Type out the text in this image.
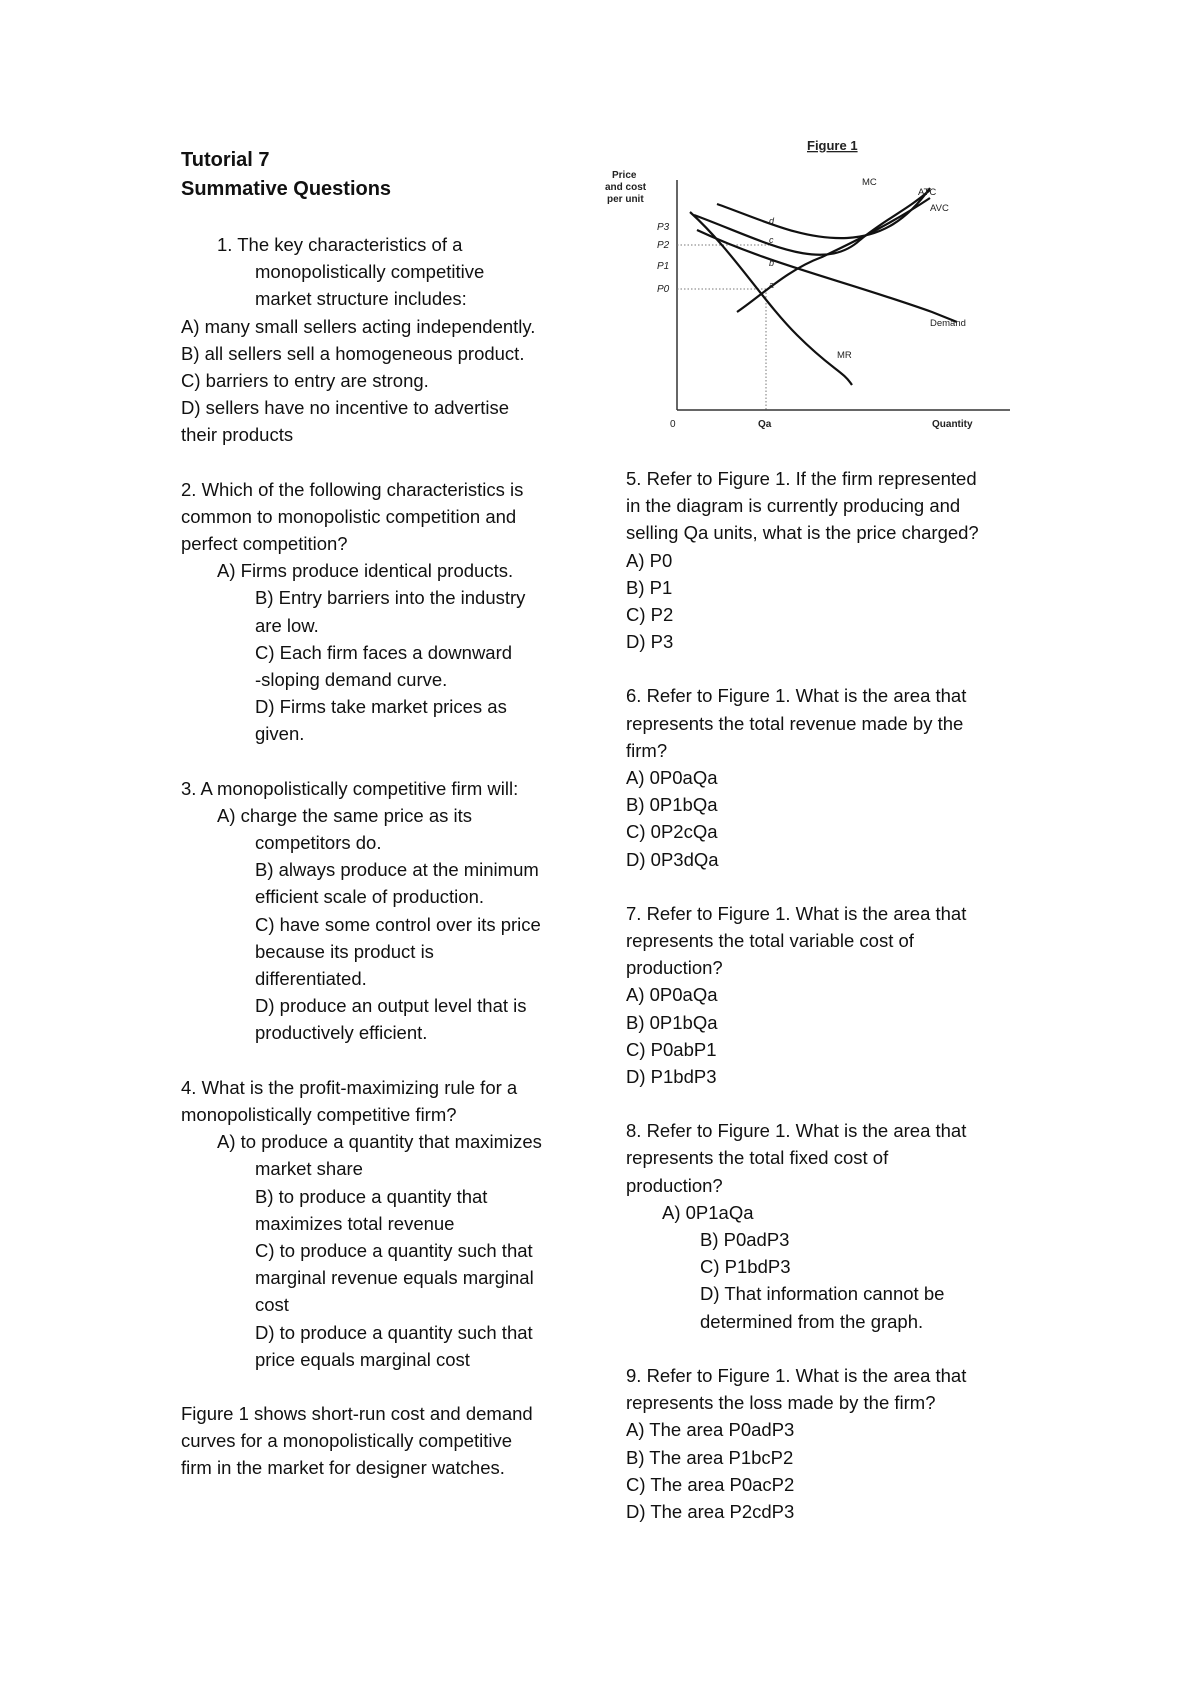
Tutorial 7
Summative Questions
1. The key characteristics of a
monopolistically competitive
market structure includes:
A) many small sellers acting independently.
B) all sellers sell a homogeneous product.
C) barriers to entry are strong.
D) sellers have no incentive to advertise
their products
2. Which of the following characteristics is
common to monopolistic competition and
perfect competition?
A) Firms produce identical products.
B) Entry barriers into the industry
are low.
C) Each firm faces a downward
-sloping demand curve.
D) Firms take market prices as
given.
3. A monopolistically competitive firm will:
A) charge the same price as its
competitors do.
B) always produce at the minimum
efficient scale of production.
C) have some control over its price
because its product is
differentiated.
D) produce an output level that is
productively efficient.
4. What is the profit-maximizing rule for a
monopolistically competitive firm?
A) to produce a quantity that maximizes
market share
B) to produce a quantity that
maximizes total revenue
C) to produce a quantity such that
marginal revenue equals marginal
cost
D) to produce a quantity such that
price equals marginal cost
Figure 1 shows short-run cost and demand
curves for a monopolistically competitive
firm in the market for designer watches.
Figure 1
Price
and cost
per unit
MC
ATC
AVC
Demand
MR
P3
P2
P1
P0
d
c
b
a
0	Qa	Quantity
5. Refer to Figure 1. If the firm represented
in the diagram is currently producing and
selling Qa units, what is the price charged?
A) P0
B) P1
C) P2
D) P3
6. Refer to Figure 1. What is the area that
represents the total revenue made by the
firm?
A) 0P0aQa
B) 0P1bQa
C) 0P2cQa
D) 0P3dQa
7. Refer to Figure 1. What is the area that
represents the total variable cost of
production?
A) 0P0aQa
B) 0P1bQa
C) P0abP1
D) P1bdP3
8. Refer to Figure 1. What is the area that
represents the total fixed cost of
production?
A) 0P1aQa
B) P0adP3
C) P1bdP3
D) That information cannot be
determined from the graph.
9. Refer to Figure 1. What is the area that
represents the loss made by the firm?
A) The area P0adP3
B) The area P1bcP2
C) The area P0acP2
D) The area P2cdP3
